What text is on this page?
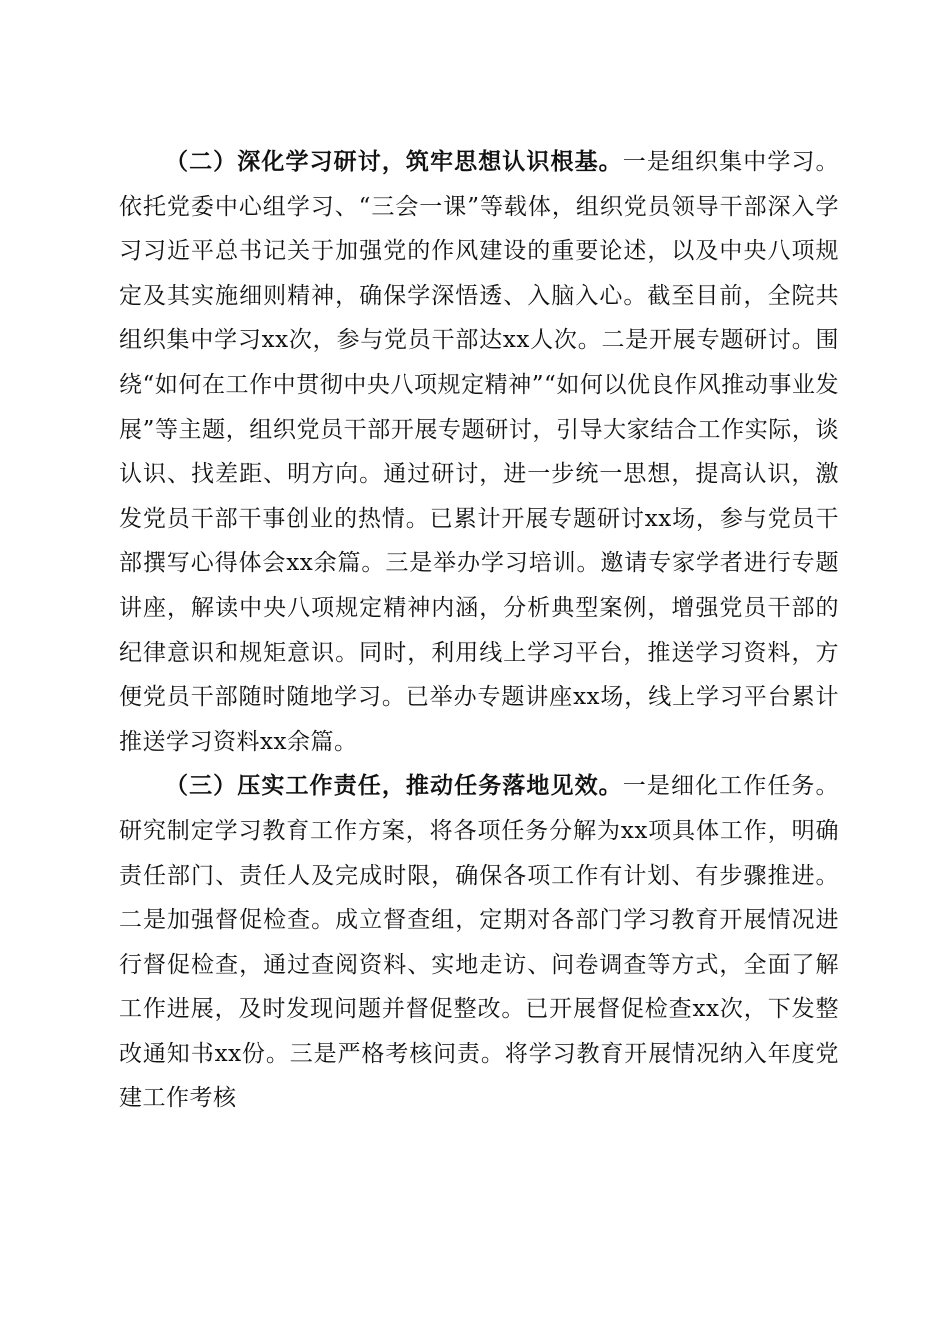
（二）深化学习研讨，筑牢思想认识根基。一是组织集中学习。依托党委中心组学习、“三会一课”等载体，组织党员领导干部深入学习习近平总书记关于加强党的作风建设的重要论述，以及中央八项规定及其实施细则精神，确保学深悟透、入脑入心。截至目前，全院共组织集中学习xx次，参与党员干部达xx人次。二是开展专题研讨。围绕“如何在工作中贯彻中央八项规定精神”“如何以优良作风推动事业发展”等主题，组织党员干部开展专题研讨，引导大家结合工作实际，谈认识、找差距、明方向。通过研讨，进一步统一思想，提高认识，激发党员干部干事创业的热情。已累计开展专题研讨xx场，参与党员干部撰写心得体会xx余篇。三是举办学习培训。邀请专家学者进行专题讲座，解读中央八项规定精神内涵，分析典型案例，增强党员干部的纪律意识和规矩意识。同时，利用线上学习平台，推送学习资料，方便党员干部随时随地学习。已举办专题讲座xx场，线上学习平台累计推送学习资料xx余篇。

（三）压实工作责任，推动任务落地见效。一是细化工作任务。研究制定学习教育工作方案，将各项任务分解为xx项具体工作，明确责任部门、责任人及完成时限，确保各项工作有计划、有步骤推进。二是加强督促检查。成立督查组，定期对各部门学习教育开展情况进行督促检查，通过查阅资料、实地走访、问卷调查等方式，全面了解工作进展，及时发现问题并督促整改。已开展督促检查xx次，下发整改通知书xx份。三是严格考核问责。将学习教育开展情况纳入年度党建工作考核
